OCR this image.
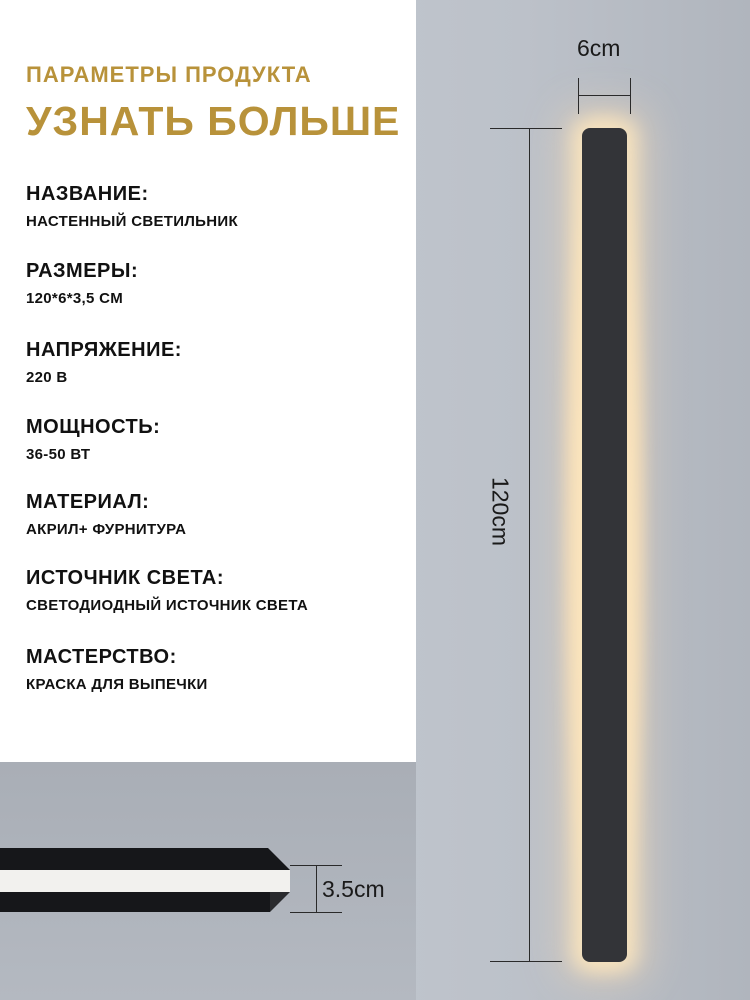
ПАРАМЕТРЫ ПРОДУКТА
УЗНАТЬ БОЛЬШЕ
НАЗВАНИЕ:
НАСТЕННЫЙ СВЕТИЛЬНИК
РАЗМЕРЫ:
120*6*3,5 CM
НАПРЯЖЕНИЕ:
220 В
МОЩНОСТЬ:
36-50 ВТ
МАТЕРИАЛ:
АКРИЛ+ ФУРНИТУРА
ИСТОЧНИК СВЕТА:
СВЕТОДИОДНЫЙ ИСТОЧНИК СВЕТА
МАСТЕРСТВО:
КРАСКА ДЛЯ ВЫПЕЧКИ
6cm
120cm
3.5cm
